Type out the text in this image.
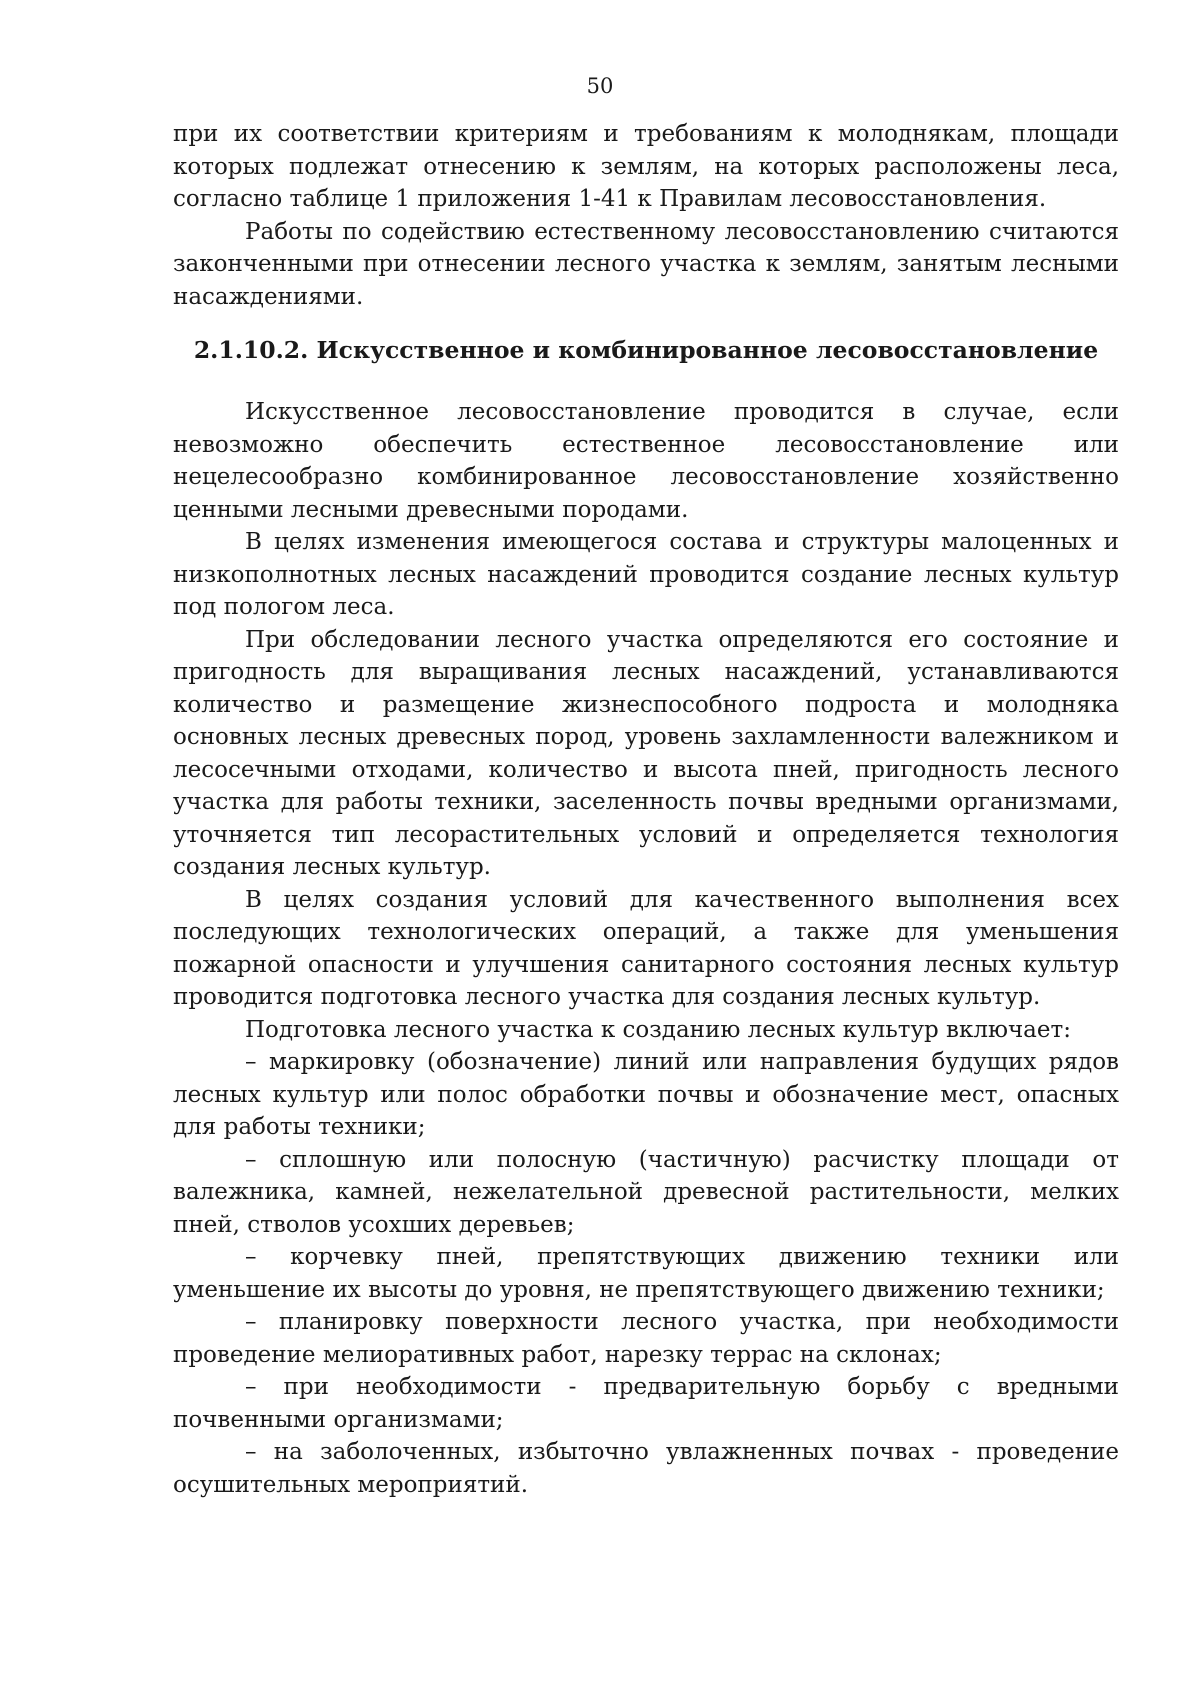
50

при их соответствии критериям и требованиям к молоднякам, площади которых подлежат отнесению к землям, на которых расположены леса, согласно таблице 1 приложения 1-41 к Правилам лесовосстановления.

Работы по содействию естественному лесовосстановлению считаются законченными при отнесении лесного участка к землям, занятым лесными насаждениями.

2.1.10.2. Искусственное и комбинированное лесовосстановление

Искусственное лесовосстановление проводится в случае, если невозможно обеспечить естественное лесовосстановление или нецелесообразно комбинированное лесовосстановление хозяйственно ценными лесными древесными породами.

В целях изменения имеющегося состава и структуры малоценных и низкополнотных лесных насаждений проводится создание лесных культур под пологом леса.

При обследовании лесного участка определяются его состояние и пригодность для выращивания лесных насаждений, устанавливаются количество и размещение жизнеспособного подроста и молодняка основных лесных древесных пород, уровень захламленности валежником и лесосечными отходами, количество и высота пней, пригодность лесного участка для работы техники, заселенность почвы вредными организмами, уточняется тип лесорастительных условий и определяется технология создания лесных культур.

В целях создания условий для качественного выполнения всех последующих технологических операций, а также для уменьшения пожарной опасности и улучшения санитарного состояния лесных культур проводится подготовка лесного участка для создания лесных культур.

Подготовка лесного участка к созданию лесных культур включает:

– маркировку (обозначение) линий или направления будущих рядов лесных культур или полос обработки почвы и обозначение мест, опасных для работы техники;

– сплошную или полосную (частичную) расчистку площади от валежника, камней, нежелательной древесной растительности, мелких пней, стволов усохших деревьев;

– корчевку пней, препятствующих движению техники или уменьшение их высоты до уровня, не препятствующего движению техники;

– планировку поверхности лесного участка, при необходимости проведение мелиоративных работ, нарезку террас на склонах;

– при необходимости - предварительную борьбу с вредными почвенными организмами;

– на заболоченных, избыточно увлажненных почвах - проведение осушительных мероприятий.
